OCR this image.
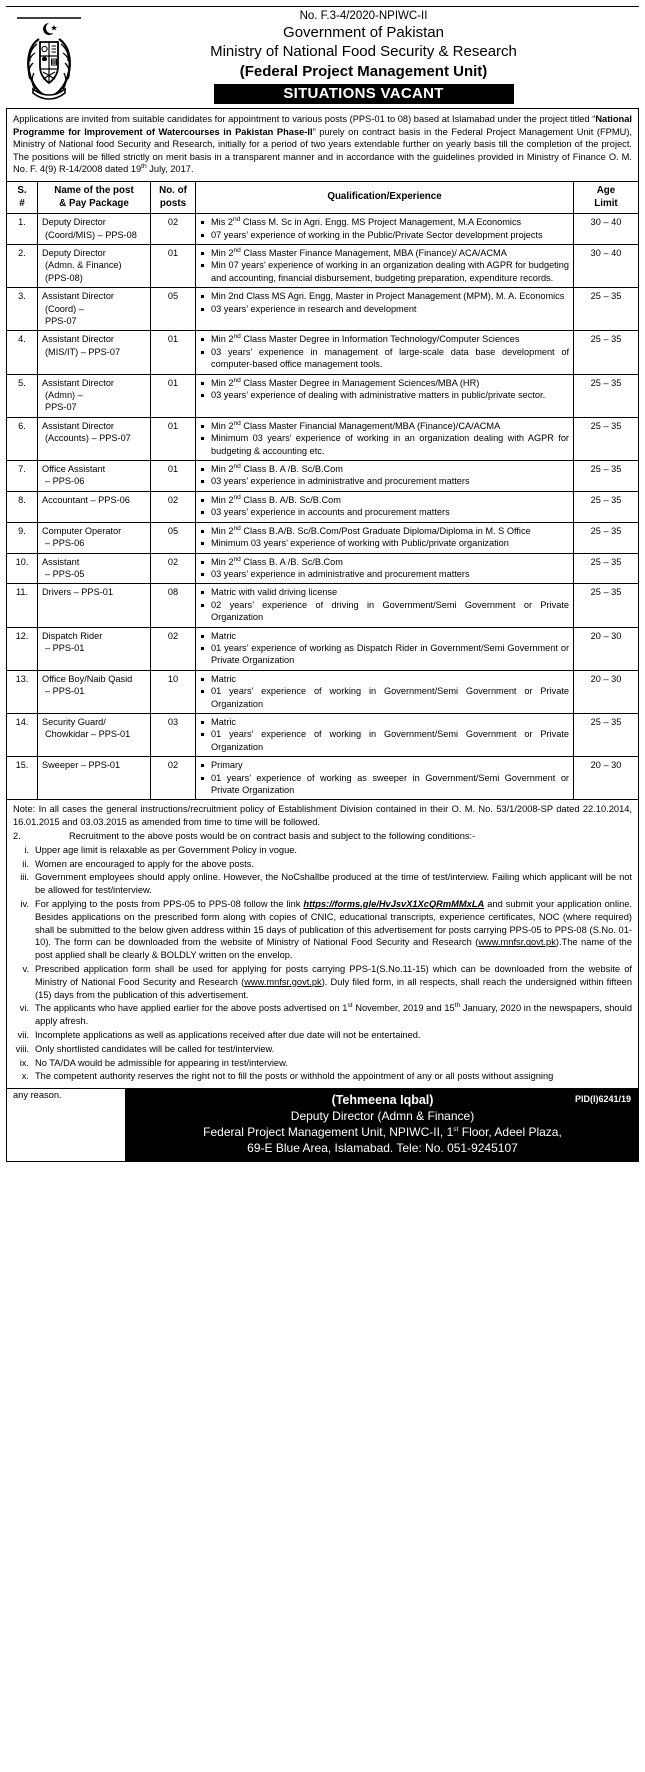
No. F.3-4/2020-NPIWC-II
Government of Pakistan
Ministry of National Food Security & Research
(Federal Project Management Unit)
SITUATIONS VACANT
Applications are invited from suitable candidates for appointment to various posts (PPS-01 to 08) based at Islamabad under the project titled “National Programme for Improvement of Watercourses in Pakistan Phase-II” purely on contract basis in the Federal Project Management Unit (FPMU), Ministry of National food Security and Research, initially for a period of two years extendable further on yearly basis till the completion of the project. The positions will be filled strictly on merit basis in a transparent manner and in accordance with the guidelines provided in Ministry of Finance O. M. No. F. 4(9) R-14/2008 dated 19th July, 2017.
S.
#

Name of the post
& Pay Package

No. of
posts
	Qualification/Experience	
Age
Limit

1.	Deputy Director
(Coord/MIS) – PPS-08
	02	Mis 2nd Class M. Sc in Agri. Engg. MS Project Management, M.A Economics
07 years’ experience of working in the Public/Private Sector development projects
	30 – 40
2.	Deputy Director
(Admn. & Finance)
(PPS-08)
	01	Min 2nd Class Master Finance Management, MBA (Finance)/ ACA/ACMA
Min 07 years’ experience of working in an organization dealing with AGPR for budgeting and accounting, financial disbursement, budgeting preparation, expenditure records.
	30 – 40
3.	Assistant Director
(Coord) –
PPS-07
	05	Min 2nd Class MS Agri. Engg, Master in Project Management (MPM), M. A. Economics
03 years’ experience in research and development
	25 – 35
4.	Assistant Director
(MIS/IT) – PPS-07
	01	Min 2nd Class Master Degree in Information Technology/Computer Sciences
03 years’ experience in management of large-scale data base development of computer-based office management tools.
	25 – 35
5.	Assistant Director
(Admn) –
PPS-07
	01	Min 2nd Class Master Degree in Management Sciences/MBA (HR)
03 years’ experience of dealing with administrative matters in public/private sector.
	25 – 35
6.	Assistant Director
(Accounts) – PPS-07
	01	Min 2nd Class Master Financial Management/MBA (Finance)/CA/ACMA
Minimum 03 years’ experience of working in an organization dealing with AGPR for budgeting & accounting etc.
	25 – 35
7.	Office Assistant
– PPS-06
	01	Min 2nd Class B. A /B. Sc/B.Com
03 years’ experience in administrative and procurement matters
	25 – 35
8.	Accountant – PPS-06	02	Min 2nd Class B. A/B. Sc/B.Com
03 years’ experience in accounts and procurement matters
	25 – 35
9.	Computer Operator
– PPS-06
	05	Min 2nd Class B.A/B. Sc/B.Com/Post Graduate Diploma/Diploma in M. S Office
Minimum 03 years’ experience of working with Public/private organization
	25 – 35
10.	Assistant
– PPS-05
	02	Min 2nd Class B. A /B. Sc/B.Com
03 years’ experience in administrative and procurement matters
	25 – 35
11.	Drivers – PPS-01	08	Matric with valid driving license
02 years’ experience of driving in Government/Semi Government or Private Organization
	25 – 35
12.	Dispatch Rider
– PPS-01
	02	Matric
01 years’ experience of working as Dispatch Rider in Government/Semi Government or Private Organization
	20 – 30
13.	Office Boy/Naib Qasid
– PPS-01
	10	Matric
01 years’ experience of working in Government/Semi Government or Private Organization
	20 – 30
14.	Security Guard/
Chowkidar – PPS-01
	03	Matric
01 years’ experience of working in Government/Semi Government or Private Organization
	25 – 35
15.	Sweeper – PPS-01	02	Primary
01 years’ experience of working as sweeper in Government/Semi Government or Private Organization
	20 – 30
Note: In all cases the general instructions/recruitment policy of Establishment Division contained in their O. M. No. 53/1/2008-SP dated 22.10.2014, 16.01.2015 and 03.03.2015 as amended from time to time will be followed.
2.	Recruitment to the above posts would be on contract basis and subject to the following conditions:-
i. Upper age limit is relaxable as per Government Policy in vogue.
ii. Women are encouraged to apply for the above posts.
iii. Government employees should apply online. However, the NoCshallbe produced at the time of test/interview. Failing which applicant will be not be allowed for test/interview.
iv. For applying to the posts from PPS-05 to PPS-08 follow the link https://forms.gle/HvJsvX1XcQRmMMxLA and submit your application online. Besides applications on the prescribed form along with copies of CNIC, educational transcripts, experience certificates, NOC (where required) shall be submitted to the below given address within 15 days of publication of this advertisement for posts carrying PPS-05 to PPS-08 (S.No. 01-10). The form can be downloaded from the website of Ministry of National Food Security and Research (www.mnfsr.govt.pk).The name of the post applied shall be clearly & BOLDLY written on the envelop.
v. Prescribed application form shall be used for applying for posts carrying PPS-1(S.No.11-15) which can be downloaded from the website of Ministry of National Food Security and Research (www.mnfsr.govt.pk). Duly filed form, in all respects, shall reach the undersigned within fifteen (15) days from the publication of this advertisement.
vi. The applicants who have applied earlier for the above posts advertised on 1st November, 2019 and 15th January, 2020 in the newspapers, should apply afresh.
vii. Incomplete applications as well as applications received after due date will not be entertained.
viii. Only shortlisted candidates will be called for test/interview.
ix. No TA/DA would be admissible for appearing in test/interview.
x. The competent authority reserves the right not to fill the posts or withhold the appointment of any or all posts without assigning
any reason.	PID(I)6241/19
(Tehmeena Iqbal)
Deputy Director (Admn & Finance)
Federal Project Management Unit, NPIWC-II, 1st Floor, Adeel Plaza,
69-E Blue Area, Islamabad. Tele: No. 051-9245107
